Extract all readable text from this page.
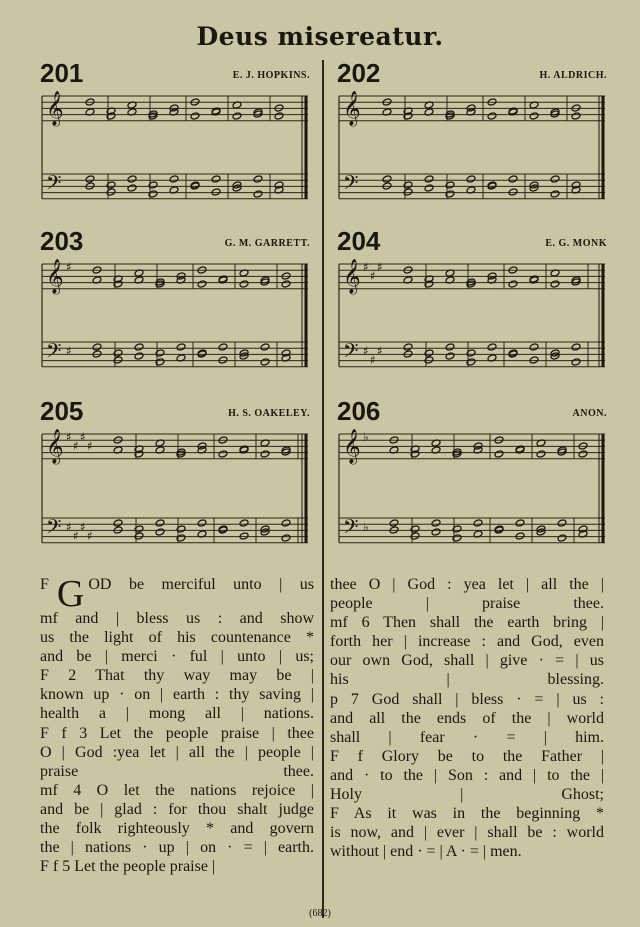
Deus misereatur.
201	E. J. HOPKINS.
𝄞
𝄢
202	H. ALDRICH.
𝄞
𝄢
203	G. M. GARRETT.
𝄞
𝄢
♯
♯
204	E. G. MONK
𝄞
𝄢
♯
♯
♯
♯
♯
♯
205	H. S. OAKELEY.
𝄞
𝄢
♯
♯
♯
♯
♯
♯
♯
♯
206	ANON.
𝄞
𝄢
♭
♭
F G OD be merciful unto | us
mf and | bless us : and show
us the light of his countenance *
and be | merci · ful | unto | us;
F 2 That thy way may be |
known up · on | earth : thy saving |
health a | mong all | nations.
F f 3 Let the people praise | thee
O | God :yea let | all the | people |
praise thee.
mf 4 O let the nations rejoice |
and be | glad : for thou shalt judge
the folk righteously * and govern
the | nations · up | on · = | earth.
F f 5 Let the people praise |
thee O | God : yea let | all the |
people | praise thee.
mf 6 Then shall the earth bring |
forth her | increase : and God, even
our own God, shall | give · = | us
his | blessing.
p 7 God shall | bless · = | us :
and all the ends of the | world
shall | fear · = | him.
F f Glory be to the Father |
and · to the | Son : and | to the |
Holy | Ghost;
F As it was in the beginning *
is now, and | ever | shall be : world
without | end · = | A · = | men.
(682)
